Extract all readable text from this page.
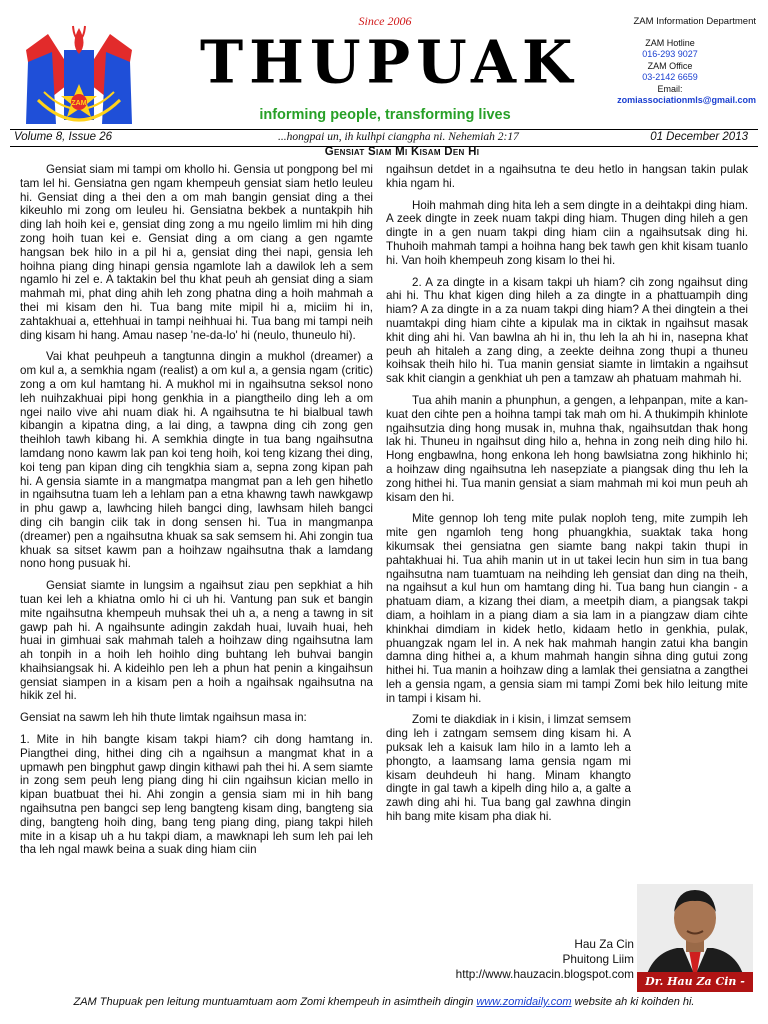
ZAM
Since 2006
THUPUAK
informing people, transforming lives
ZAM Information Department
ZAM Hotline
016-293 9027
ZAM Office
03-2142 6659
Email:
zomiassociationmls@gmail.com
Volume 8, Issue 26	...hongpai un, ih kulhpi ciangpha ni. Nehemiah 2:17	01 December 2013
Gensiat Siam Mi Kisam Den Hi

Gensiat siam mi tampi om khollo hi. Gensia ut pongpong bel mi tam lel hi. Gensiatna gen ngam khempeuh gensiat siam hetlo leuleu hi. Gensiat ding a thei den a om mah bangin gensiat ding a thei kikeuhlo mi zong om leuleu hi. Gensiatna bekbek a nuntakpih hih ding lah hoih kei e, gensiat ding zong a mu ngeilo limlim mi hih ding zong hoih tuan kei e. Gensiat ding a om ciang a gen ngamte hangsan bek hilo in a pil hi a, gensiat ding thei napi, gensia leh hoihna piang ding hinapi gensia ngamlote lah a dawilok leh a sem ngamlo hi zel e. A taktakin bel thu khat peuh ah gensiat ding a siam mahmah mi, phat ding ahih leh zong phatna ding a hoih mahmah a thei mi kisam den hi. Tua bang mite mipil hi a, miciim hi in, zahtakhuai a, ettehhuai in tampi neihhuai hi. Tua bang mi tampi neih ding kisam hi hang. Amau nasep 'ne-da-lo' hi (neulo, thuneulo hi).

Vai khat peuhpeuh a tangtunna dingin a mukhol (dreamer) a om kul a, a semkhia ngam (realist) a om kul a, a gensia ngam (critic) zong a om kul hamtang hi. A mukhol mi in ngaihsutna seksol nono leh nuihzakhuai pipi hong genkhia in a piangtheilo ding leh a om ngei nailo vive ahi nuam diak hi. A ngaihsutna te hi bialbual tawh kibangin a kipatna ding, a lai ding, a tawpna ding cih zong gen theihloh tawh kibang hi. A semkhia dingte in tua bang ngaihsutna lamdang nono kawm lak pan koi teng hoih, koi teng kizang thei ding, koi teng pan kipan ding cih tengkhia siam a, sepna zong kipan pah hi. A gensia siamte in a mangmatpa mangmat pan a leh gen hihetlo in ngaihsutna tuam leh a lehlam pan a etna khawng tawh nawkgawp in phu gawp a, lawhcing hileh bangci ding, lawhsam hileh bangci ding cih bangin ciik tak in dong sensen hi. Tua in mangmanpa (dreamer) pen a ngaihsutna khuak sa sak semsem hi. Ahi zongin tua khuak sa sitset kawm pan a hoihzaw ngaihsutna thak a lamdang nono hong pusuak hi.

Gensiat siamte in lungsim a ngaihsut ziau pen sepkhiat a hih tuan kei leh a khiatna omlo hi ci uh hi. Vantung pan suk et bangin mite ngaihsutna khempeuh muhsak thei uh a, a neng a tawng in sit gawp pah hi. A ngaihsunte adingin zakdah huai, luvaih huai, heh huai in gimhuai sak mahmah taleh a hoihzaw ding ngaihsutna lam ah tonpih in a hoih leh hoihlo ding buhtang leh buhvai bangin khaihsiangsak hi. A kideihlo pen leh a phun hat penin a kingaihsun gensiat siampen in a kisam pen a hoih a ngaihsak ngaihsutna na hikik zel hi.

Gensiat na sawm leh hih thute limtak ngaihsun masa in:

1. Mite in hih bangte kisam takpi hiam? cih dong hamtang in. Piangthei ding, hithei ding cih a ngaihsun a mangmat khat in a upmawh pen bingphut gawp dingin kithawi pah thei hi. A sem siamte in zong sem peuh leng piang ding hi ciin ngaihsun kician mello in kipan buatbuat thei hi. Ahi zongin a gensia siam mi in hih bang ngaihsutna pen bangci sep leng bangteng kisam ding, bangteng sia ding, bangteng hoih ding, bang teng piang ding, piang takpi hileh mite in a kisap uh a hu takpi diam, a mawknapi leh sum leh pai leh tha leh ngal mawk beina a suak ding hiam ciin

ngaihsun detdet in a ngaihsutna te deu hetlo in hangsan takin pulak khia ngam hi.

Hoih mahmah ding hita leh a sem dingte in a deihtakpi ding hiam. A zeek dingte in zeek nuam takpi ding hiam. Thugen ding hileh a gen dingte in a gen nuam takpi ding hiam ciin a ngaihsutsak ding hi. Thuhoih mahmah tampi a hoihna hang bek tawh gen khit kisam tuanlo hi. Van hoih khempeuh zong kisam lo thei hi.

2. A za dingte in a kisam takpi uh hiam? cih zong ngaihsut ding ahi hi. Thu khat kigen ding hileh a za dingte in a phattuampih ding hiam? A za dingte in a za nuam takpi ding hiam? A thei dingtein a thei nuamtakpi ding hiam cihte a kipulak ma in ciktak in ngaihsut masak khit ding ahi hi. Van bawlna ah hi in, thu leh la ah hi in, nasepna khat peuh ah hitaleh a zang ding, a zeekte deihna zong thupi a thuneu koihsak theih hilo hi. Tua manin gensiat siamte in limtakin a ngaihsut sak khit ciangin a genkhiat uh pen a tamzaw ah phatuam mahmah hi.

Tua ahih manin a phunphun, a gengen, a lehpanpan, mite a kan-kuat den cihte pen a hoihna tampi tak mah om hi. A thukimpih khinlote ngaihsutzia ding hong musak in, muhna thak, ngaihsutdan thak hong lak hi. Thuneu in ngaihsut ding hilo a, hehna in zong neih ding hilo hi. Hong engbawlna, hong enkona leh hong bawlsiatna zong hikhinlo hi; a hoihzaw ding ngaihsutna leh nasepziate a piangsak ding thu leh la zong hithei hi. Tua manin gensiat a siam mahmah mi koi mun peuh ah kisam den hi.

Mite gennop loh teng mite pulak noploh teng, mite zumpih leh mite gen ngamloh teng hong phuangkhia, suaktak taka hong kikumsak thei gensiatna gen siamte bang nakpi takin thupi in pahtakhuai hi. Tua ahih manin ut in ut takei lecin hun sim in tua bang ngaihsutna nam tuamtuam na neihding leh gensiat dan ding na theih, na ngaihsut a kul hun om hamtang ding hi. Tua bang hun ciangin - a phatuam diam, a kizang thei diam, a meetpih diam, a piangsak takpi diam, a hoihlam in a piang diam a sia lam in a piangzaw diam cihte khinkhai dimdiam in kidek hetlo, kidaam hetlo in genkhia, pulak, phuangzak ngam lel in. A nek hak mahmah hangin zatui kha bangin damna ding hithei a, a khum mahmah hangin sihna ding gutui zong hithei hi. Tua manin a hoihzaw ding a lamlak thei gensiatna a zangthei leh a gensia ngam, a gensia siam mi tampi Zomi bek hilo leitung mite in tampi i kisam hi.

Zomi te diakdiak in i kisin, i limzat semsem ding leh i zatngam semsem ding kisam hi. A puksak leh a kaisuk lam hilo in a lamto leh a phongto, a laamsang lama gensia ngam mi kisam deuhdeuh hi hang. Minam khangto dingte in gal tawh a kipelh ding hilo a, a galte a zawh ding ahi hi. Tua bang gal zawhna dingin hih bang mite kisam pha diak hi.

Hau Za Cin
Phuitong Liim
http://www.hauzacin.blogspot.com
Dr. Hau Za Cin -
ZAM Thupuak pen leitung muntuamtuam aom Zomi khempeuh in asimtheih dingin www.zomidaily.com website ah ki koihden hi.
